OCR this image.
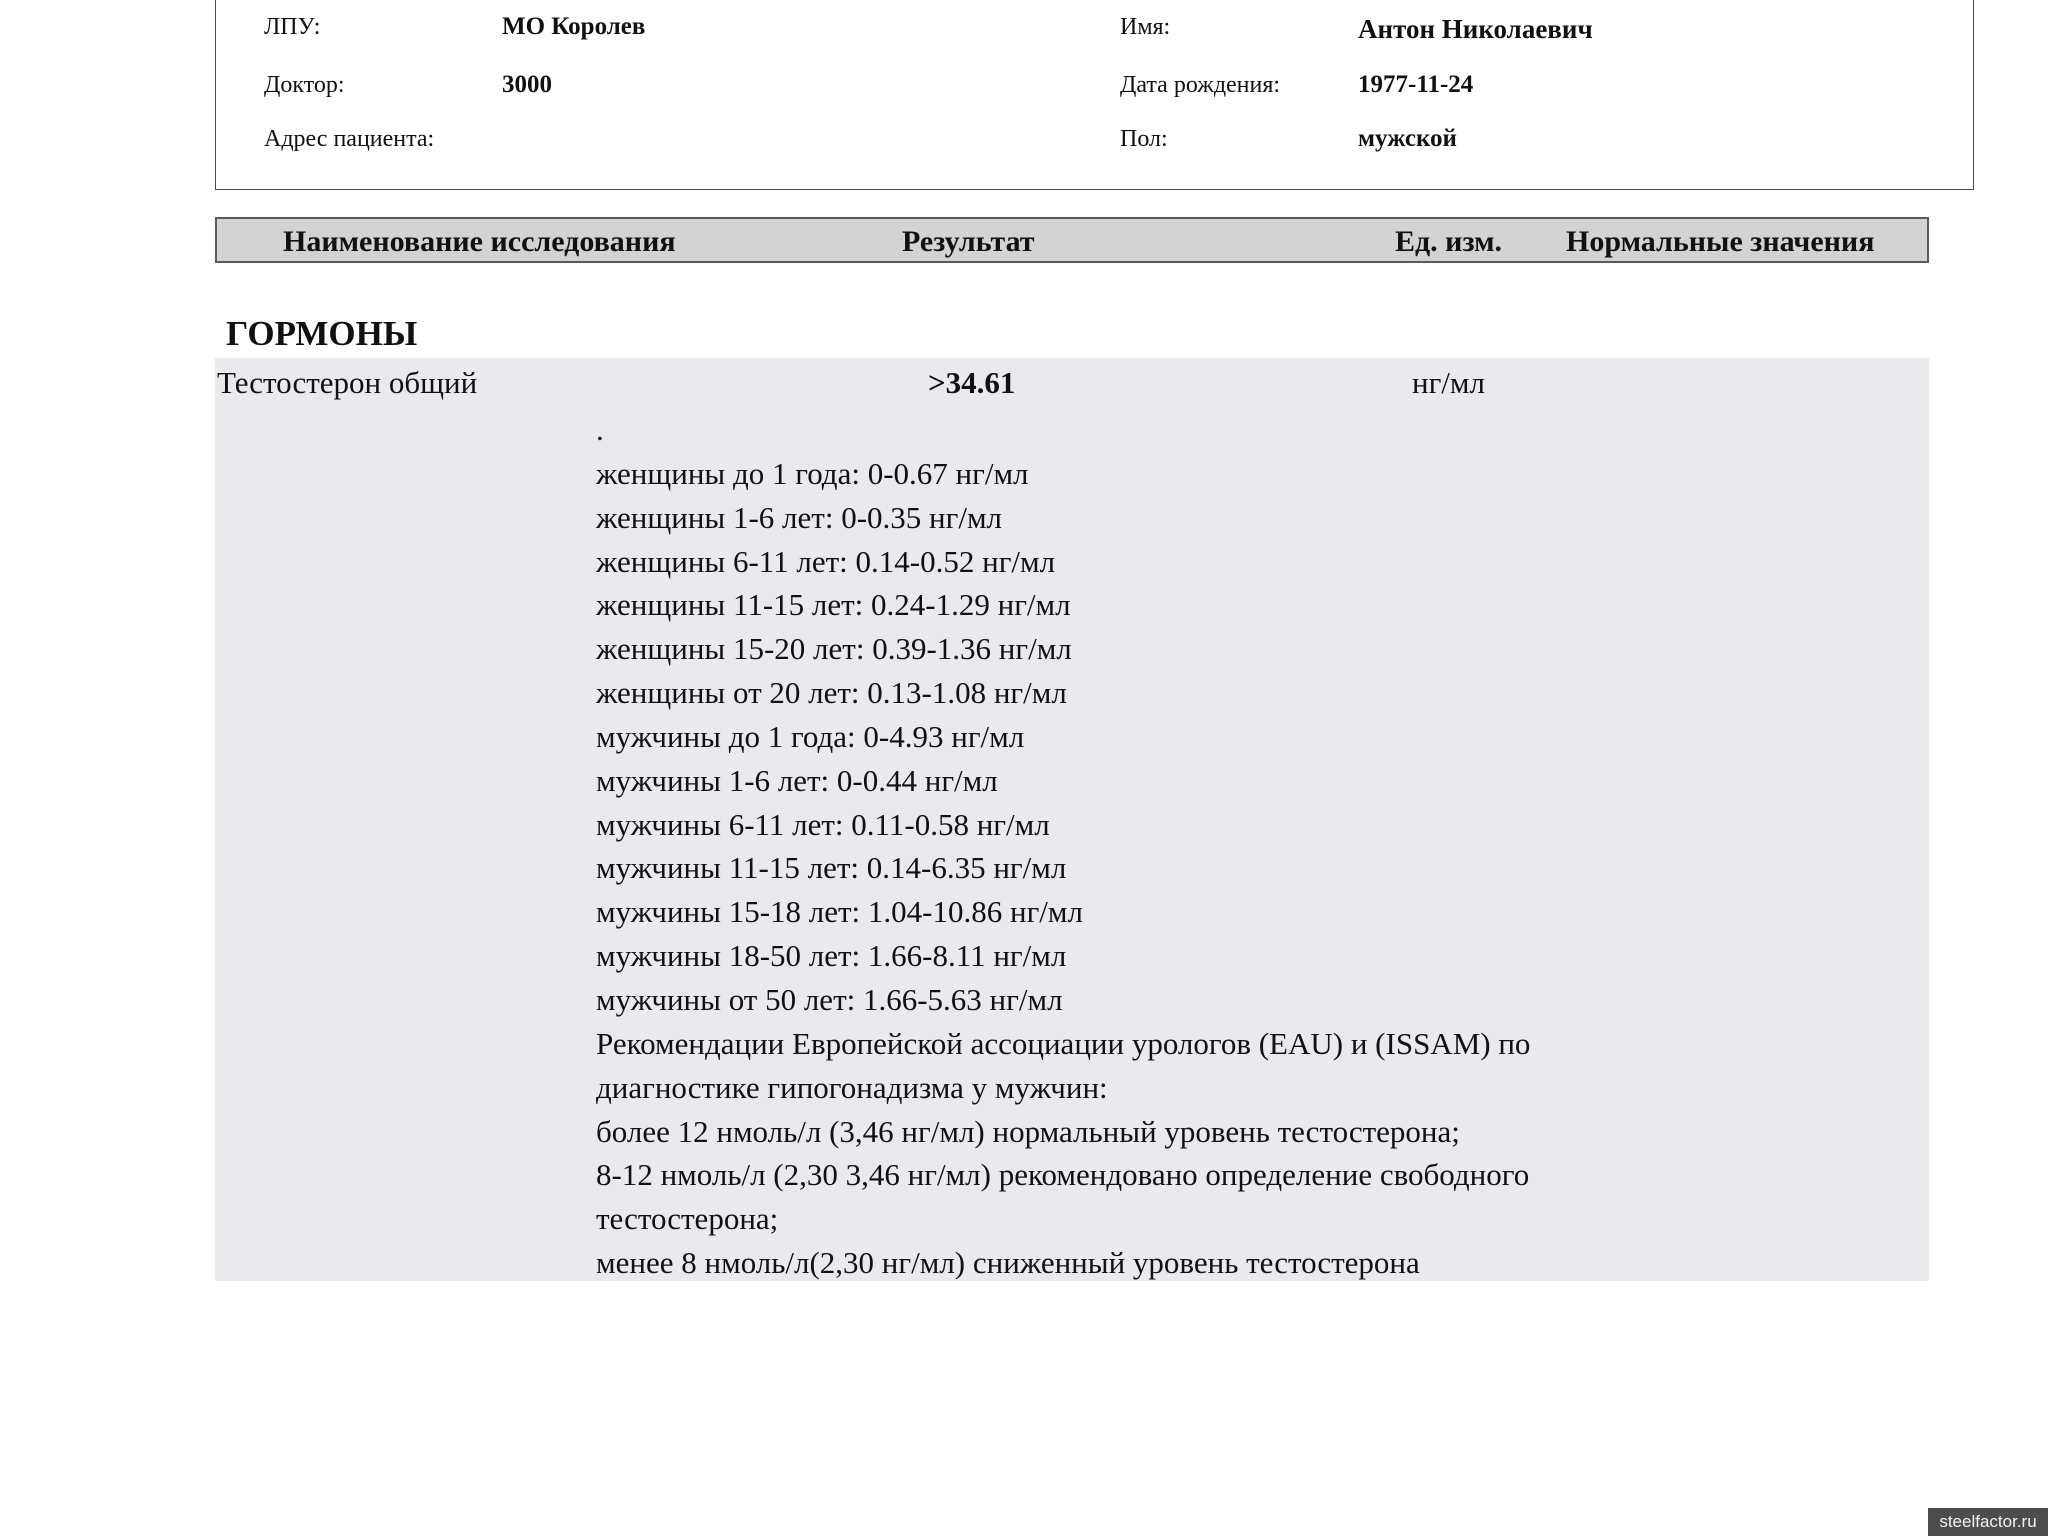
ЛПУ:	МО Королев
Доктор:	3000
Адрес пациента:
Имя:	Антон Николаевич
Дата рождения:	1977-11-24
Пол:	мужской
Наименование исследования	Результат	Ед. изм. Нормальные значения
ГОРМОНЫ
Тестостерон общий	>34.61	нг/мл
.
женщины до 1 года: 0-0.67 нг/мл
женщины 1-6 лет: 0-0.35 нг/мл
женщины 6-11 лет: 0.14-0.52 нг/мл
женщины 11-15 лет: 0.24-1.29 нг/мл
женщины 15-20 лет: 0.39-1.36 нг/мл
женщины от 20 лет: 0.13-1.08 нг/мл
мужчины до 1 года: 0-4.93 нг/мл
мужчины 1-6 лет: 0-0.44 нг/мл
мужчины 6-11 лет: 0.11-0.58 нг/мл
мужчины 11-15 лет: 0.14-6.35 нг/мл
мужчины 15-18 лет: 1.04-10.86 нг/мл
мужчины 18-50 лет: 1.66-8.11 нг/мл
мужчины от 50 лет: 1.66-5.63 нг/мл
Рекомендации Европейской ассоциации урологов (EAU) и (ISSAM) по
диагностике гипогонадизма у мужчин:
более 12 нмоль/л (3,46 нг/мл) нормальный уровень тестостерона;
8-12 нмоль/л (2,30 3,46 нг/мл) рекомендовано определение свободного
тестостерона;
менее 8 нмоль/л(2,30 нг/мл) сниженный уровень тестостерона
steelfactor.ru
